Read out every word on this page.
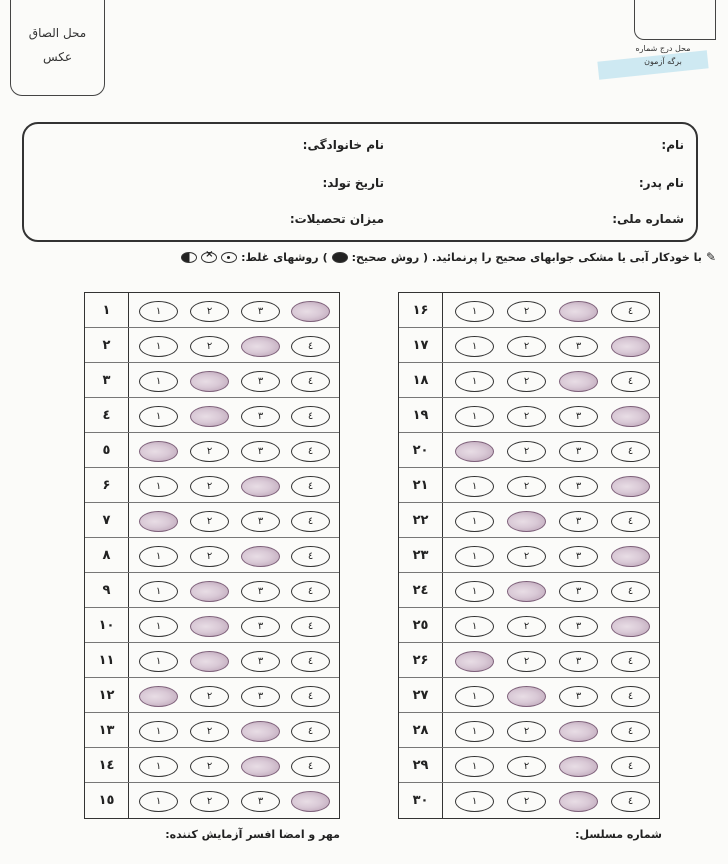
محل الصاق
عکس
محل درج شماره
برگه آزمون
نام:
نام خانوادگی:
نام پدر:
تاریخ تولد:
شماره ملی:
میزان تحصیلات:
✎
با خودکار آبی یا مشکی جوابهای صحیح را پرنمائید. ( روش صحیح:
)
روشهای غلط:
×
١	١	٢	٣
٢	١	٢	٤
٣	١	٣	٤
٤	١	٣	٤
٥	٢	٣	٤
۶	١	٢	٤
٧	٢	٣	٤
٨	١	٢	٤
٩	١	٣	٤
١٠	١	٣	٤
١١	١	٣	٤
١٢	٢	٣	٤
١٣	١	٢	٤
١٤	١	٢	٤
١٥	١	٢	٣
١۶	١	٢	٤
١٧	١	٢	٣
١٨	١	٢	٤
١٩	١	٢	٣
٢٠	٢	٣	٤
٢١	١	٢	٣
٢٢	١	٣	٤
٢٣	١	٢	٣
٢٤	١	٣	٤
٢٥	١	٢	٣
٢۶	٢	٣	٤
٢٧	١	٣	٤
٢٨	١	٢	٤
٢٩	١	٢	٤
٣٠	١	٢	٤
شماره مسلسل:
مهر و امضا افسر آزمایش کننده:
